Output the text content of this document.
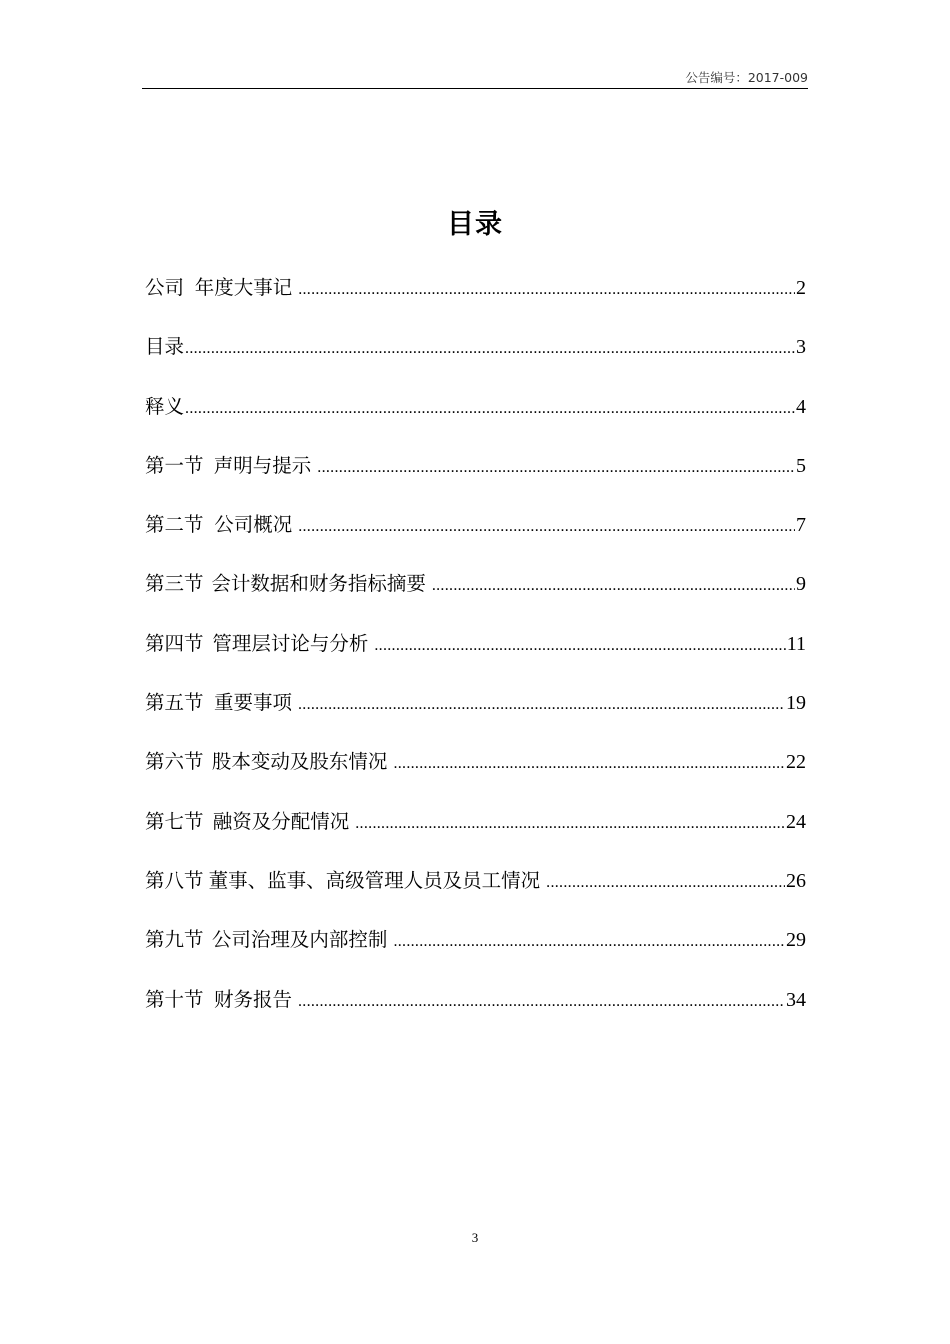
公告编号：2017-009
目录
公司 年度大事记 .....	2
目录 .....	3
释义 .....	4
第一节 声明与提示 .....	5
第二节 公司概况 .....	7
第三节 会计数据和财务指标摘要 .....	9
第四节 管理层讨论与分析 .....	11
第五节 重要事项 .....	19
第六节 股本变动及股东情况 .....	22
第七节 融资及分配情况 .....	24
第八节 董事、监事、高级管理人员及员工情况 .....	26
第九节 公司治理及内部控制 .....	29
第十节 财务报告 .....	34
3
